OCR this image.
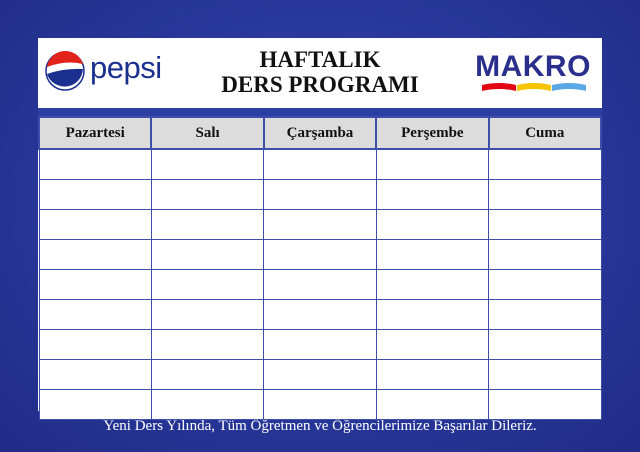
pepsi	HAFTALIK
DERS PROGRAMI
MAKRO
Pazartesi	Salı	Çarşamba	Perşembe	Cuma

Yeni Ders Yılında, Tüm Öğretmen ve Öğrencilerimize Başarılar Dileriz.
